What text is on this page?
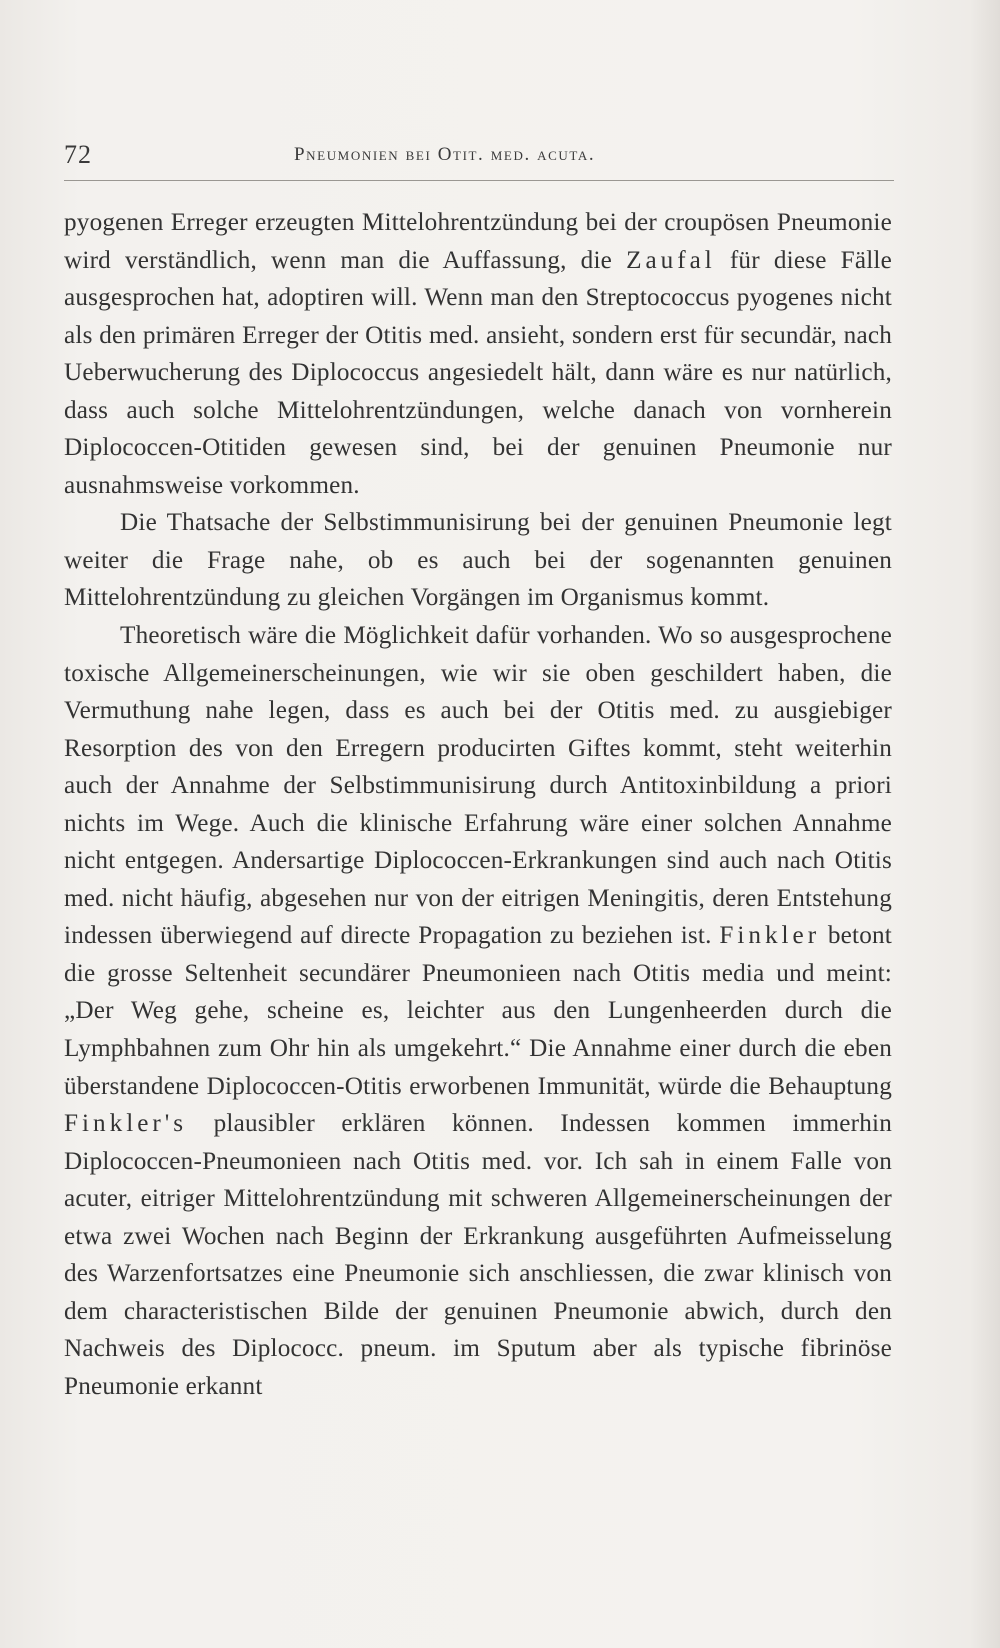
72	Pneumonien bei Otit. med. acuta.

pyogenen Erreger erzeugten Mittelohrentzündung bei der croupösen Pneumonie wird verständlich, wenn man die Auffassung, die Zaufal für diese Fälle ausgesprochen hat, adoptiren will. Wenn man den Streptococcus pyogenes nicht als den primären Erreger der Otitis med. ansieht, sondern erst für secundär, nach Ueberwucherung des Diplococcus angesiedelt hält, dann wäre es nur natürlich, dass auch solche Mittelohrentzündungen, welche danach von vornherein Diplococcen-Otitiden gewesen sind, bei der genuinen Pneumonie nur ausnahmsweise vorkommen.

Die Thatsache der Selbstimmunisirung bei der genuinen Pneumonie legt weiter die Frage nahe, ob es auch bei der sogenannten genuinen Mittelohrentzündung zu gleichen Vorgängen im Organismus kommt.

Theoretisch wäre die Möglichkeit dafür vorhanden. Wo so ausgesprochene toxische Allgemeinerscheinungen, wie wir sie oben geschildert haben, die Vermuthung nahe legen, dass es auch bei der Otitis med. zu ausgiebiger Resorption des von den Erregern producirten Giftes kommt, steht weiterhin auch der Annahme der Selbstimmunisirung durch Antitoxinbildung a priori nichts im Wege. Auch die klinische Erfahrung wäre einer solchen Annahme nicht entgegen. Andersartige Diplococcen-Erkrankungen sind auch nach Otitis med. nicht häufig, abgesehen nur von der eitrigen Meningitis, deren Entstehung indessen überwiegend auf directe Propagation zu beziehen ist. Finkler betont die grosse Seltenheit secundärer Pneumonieen nach Otitis media und meint: „Der Weg gehe, scheine es, leichter aus den Lungenheerden durch die Lymphbahnen zum Ohr hin als umgekehrt.“ Die Annahme einer durch die eben überstandene Diplococcen-Otitis erworbenen Immunität, würde die Behauptung Finkler's plausibler erklären können. Indessen kommen immerhin Diplococcen-Pneumonieen nach Otitis med. vor. Ich sah in einem Falle von acuter, eitriger Mittelohrentzündung mit schweren Allgemeinerscheinungen der etwa zwei Wochen nach Beginn der Erkrankung ausgeführten Aufmeisselung des Warzenfortsatzes eine Pneumonie sich anschliessen, die zwar klinisch von dem characteristischen Bilde der genuinen Pneumonie abwich, durch den Nachweis des Diplococc. pneum. im Sputum aber als typische fibrinöse Pneumonie erkannt
